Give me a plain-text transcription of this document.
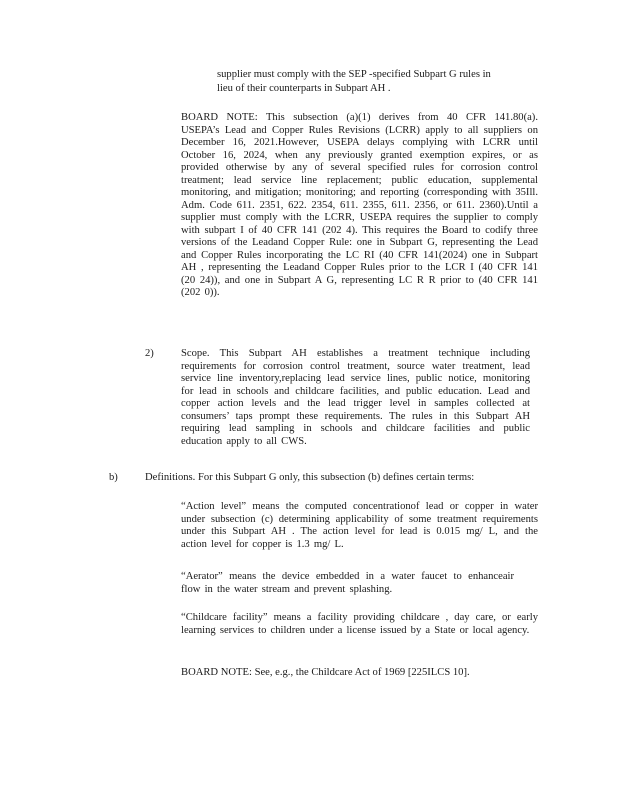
supplier must comply with the SEP -specified Subpart G rules in
lieu of their counterparts in Subpart AH .
BOARD NOTE: This subsection (a)(1) derives from 40 CFR 141.80(a). USEPA’s Lead and Copper Rules Revisions (LCRR) apply to all suppliers on December 16, 2021.However, USEPA delays complying with LCRR until October 16, 2024, when any previously granted exemption expires, or as provided otherwise by any of several specified rules for corrosion control treatment; lead service line replacement; public education, supplemental monitoring, and mitigation; monitoring; and reporting (corresponding with 35Ill. Adm. Code 611. 2351, 622. 2354, 611. 2355, 611. 2356, or 611. 2360).Until a supplier must comply with the LCRR, USEPA requires the supplier to comply with subpart I of 40 CFR 141 (202 4). This requires the Board to codify three versions of the Leadand Copper Rule: one in Subpart G, representing the Lead and Copper Rules incorporating the LC RI (40 CFR 141(2024) one in Subpart AH , representing the Leadand Copper Rules prior to the LCR I (40 CFR 141 (20 24)), and one in Subpart A G, representing LC R R prior to (40 CFR 141 (202 0)).
2)	Scope. This Subpart AH establishes a treatment technique including requirements for corrosion control treatment, source water treatment, lead service line inventory,replacing lead service lines, public notice, monitoring for lead in schools and childcare facilities, and public education. Lead and copper action levels and the lead trigger level in samples collected at consumers’ taps prompt these requirements. The rules in this Subpart AH requiring lead sampling in schools and childcare facilities and public education apply to all CWS.
b)	Definitions. For this Subpart G only, this subsection (b) defines certain terms:
“Action level” means the computed concentrationof lead or copper in water under subsection (c) determining applicability of some treatment requirements under this Subpart AH . The action level for lead is 0.015 mg/ L, and the action level for copper is 1.3 mg/ L.
“Aerator” means the device embedded in a water faucet to enhanceair flow in the water stream and prevent splashing.
“Childcare facility” means a facility providing childcare , day care, or early learning services to children under a license issued by a State or local agency.
BOARD NOTE: See, e.g., the Childcare Act of 1969 [225ILCS 10].
